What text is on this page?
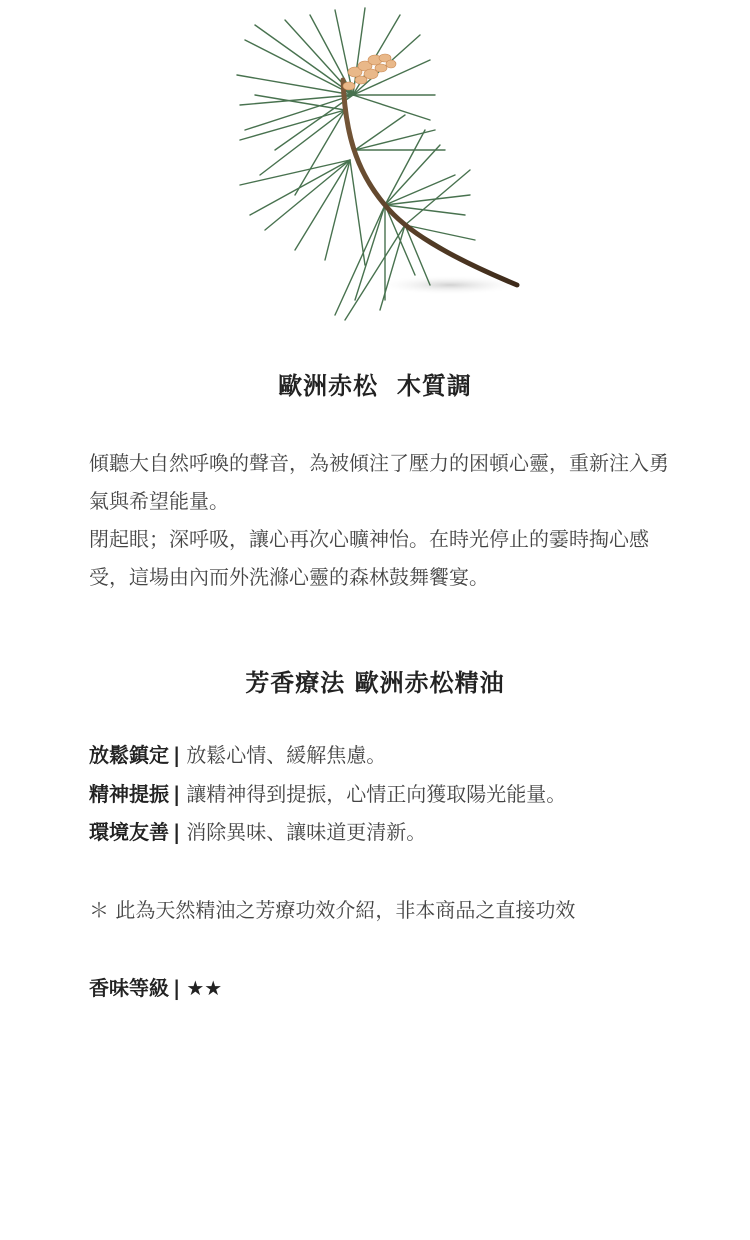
歐洲赤松  木質調

傾聽大自然呼喚的聲音，為被傾注了壓力的困頓心靈，重新注入勇氣與希望能量。

閉起眼；深呼吸，讓心再次心曠神怡。在時光停止的霎時掏心感受，這場由內而外洗滌心靈的森林鼓舞饗宴。

芳香療法 歐洲赤松精油
放鬆鎮定 | 放鬆心情、緩解焦慮。
精神提振 | 讓精神得到提振，心情正向獲取陽光能量。
環境友善 | 消除異味、讓味道更清新。
＊ 此為天然精油之芳療功效介紹，非本商品之直接功效
香味等級 | ★★
